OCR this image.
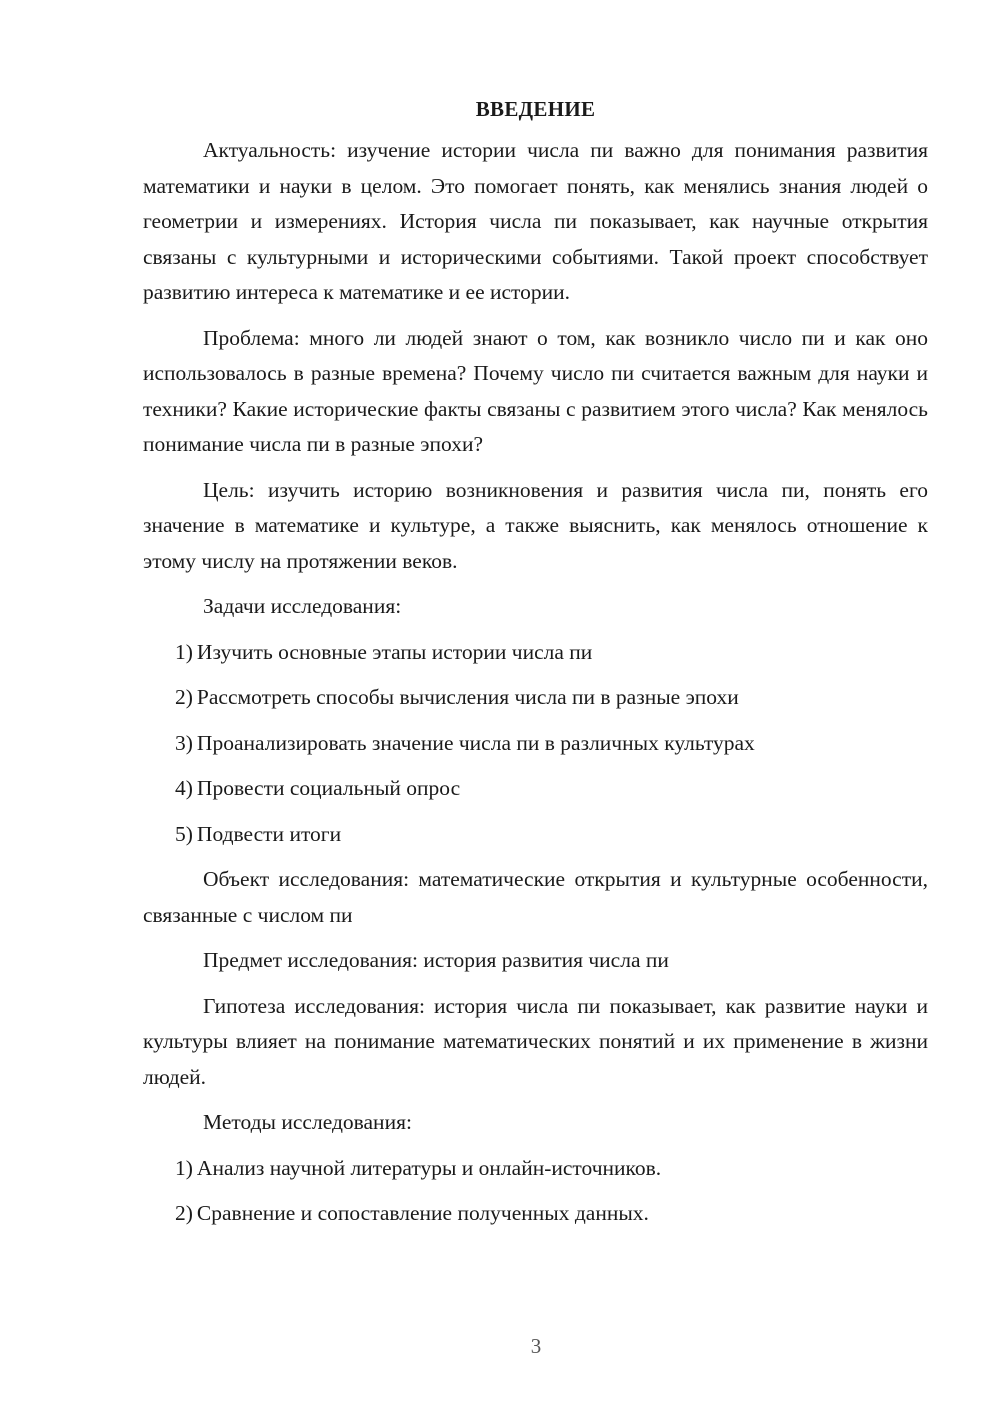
ВВЕДЕНИЕ

Актуальность: изучение истории числа пи важно для понимания развития математики и науки в целом. Это помогает понять, как менялись знания людей о геометрии и измерениях. История числа пи показывает, как научные открытия связаны с культурными и историческими событиями. Такой проект способствует развитию интереса к математике и ее истории.

Проблема: много ли людей знают о том, как возникло число пи и как оно использовалось в разные времена? Почему число пи считается важным для науки и техники? Какие исторические факты связаны с развитием этого числа? Как менялось понимание числа пи в разные эпохи?

Цель: изучить историю возникновения и развития числа пи, понять его значение в математике и культуре, а также выяснить, как менялось отношение к этому числу на протяжении веков.

Задачи исследования:

1) Изучить основные этапы истории числа пи
2) Рассмотреть способы вычисления числа пи в разные эпохи
3) Проанализировать значение числа пи в различных культурах
4) Провести социальный опрос
5) Подвести итоги

Объект исследования: математические открытия и культурные особенности, связанные с числом пи

Предмет исследования: история развития числа пи

Гипотеза исследования: история числа пи показывает, как развитие науки и культуры влияет на понимание математических понятий и их применение в жизни людей.

Методы исследования:

1) Анализ научной литературы и онлайн-источников.
2) Сравнение и сопоставление полученных данных.
3
